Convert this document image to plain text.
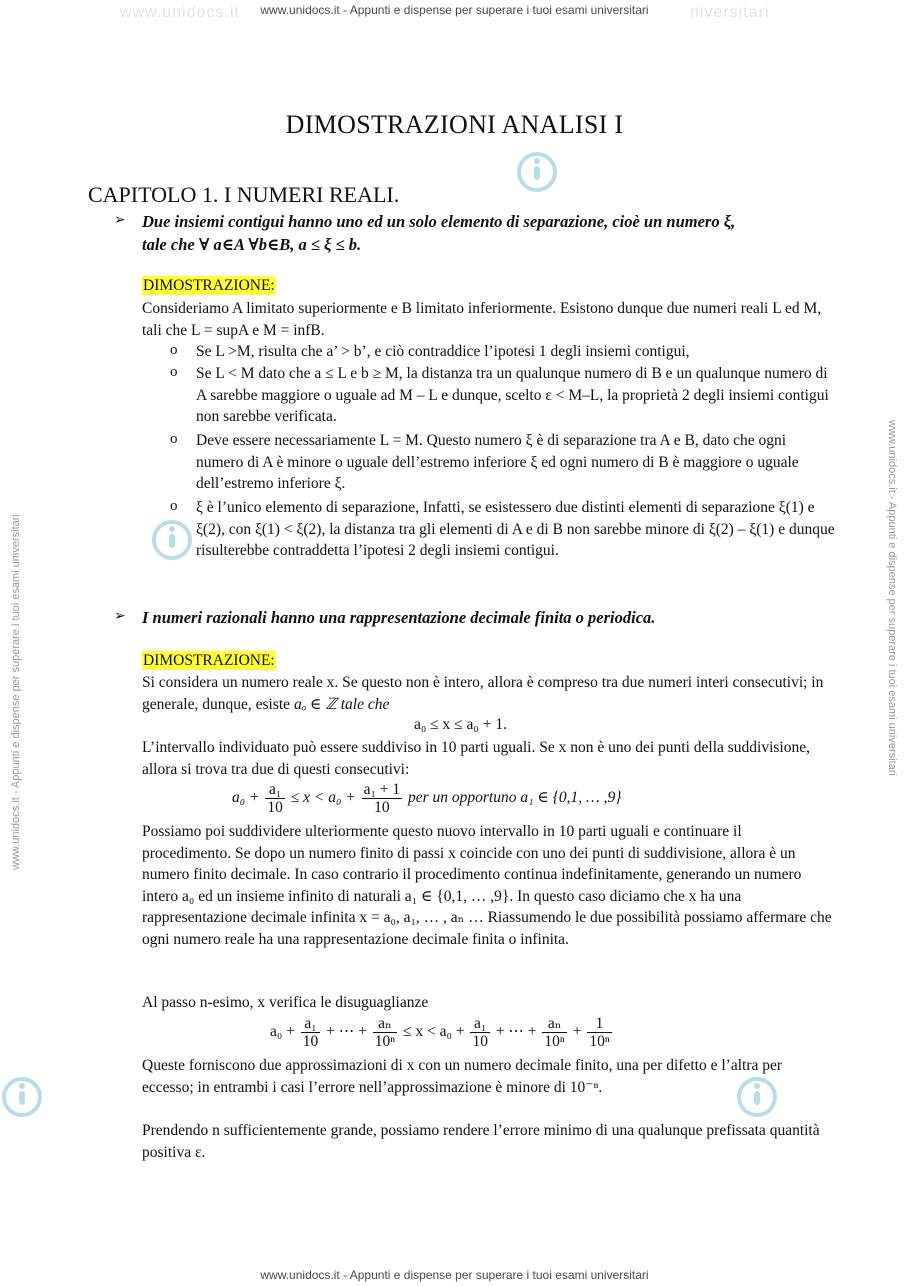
www.unidocs.it - Appunti e dispense per superare i tuoi esami universitari
www.unidocs.it	niversitari
www.unidocs.it - Appunti e dispense per superare i tuoi esami universitari
www.unidocs.it - Appunti e dispense per superare i tuoi esami universitari	www.unidocs.it - Appunti e dispense per superare i tuoi esami universitari
DIMOSTRAZIONI ANALISI I
CAPITOLO 1. I NUMERI REALI.
➢ Due insiemi contigui hanno uno ed un solo elemento di separazione, cioè un numero ξ,
tale che ∀ a∈A ∀b∈B, a ≤ ξ ≤ b.
DIMOSTRAZIONE:
Consideriamo A limitato superiormente e B limitato inferiormente. Esistono dunque due numeri reali L ed M, tali che L = supA e M = infB.
o Se L >M, risulta che a’ > b’, e ciò contraddice l’ipotesi 1 degli insiemi contigui,
o Se L < M dato che a ≤ L e b ≥ M, la distanza tra un qualunque numero di B e un qualunque numero di A sarebbe maggiore o uguale ad M – L e dunque, scelto ε < M–L, la proprietà 2 degli insiemi contigui non sarebbe verificata.
o Deve essere necessariamente L = M. Questo numero ξ è di separazione tra A e B, dato che ogni numero di A è minore o uguale dell’estremo inferiore ξ ed ogni numero di B è maggiore o uguale dell’estremo inferiore ξ.
o ξ è l’unico elemento di separazione, Infatti, se esistessero due distinti elementi di separazione ξ(1) e ξ(2), con ξ(1) < ξ(2), la distanza tra gli elementi di A e di B non sarebbe minore di ξ(2) – ξ(1) e dunque risulterebbe contraddetta l’ipotesi 2 degli insiemi contigui.
➢ I numeri razionali hanno una rappresentazione decimale finita o periodica.
DIMOSTRAZIONE:
Si considera un numero reale x. Se questo non è intero, allora è compreso tra due numeri interi consecutivi; in generale, dunque, esiste aₒ ∈ ℤ tale che
a₀ ≤ x ≤ a₀ + 1.
L’intervallo individuato può essere suddiviso in 10 parti uguali. Se x non è uno dei punti della suddivisione, allora si trova tra due di questi consecutivi:
$a_0 + \frac{\text{a₁}}{10} \le x < a_0 + \frac{\text{a₁ + 1}}{10}$ per un opportuno a₁ ∈ {0,1, … ,9}
Possiamo poi suddividere ulteriormente questo nuovo intervallo in 10 parti uguali e continuare il procedimento. Se dopo un numero finito di passi x coincide con uno dei punti di suddivisione, allora è un numero finito decimale. In caso contrario il procedimento continua indefinitamente, generando un numero intero a₀ ed un insieme infinito di naturali a₁ ∈ {0,1, … ,9}. In questo caso diciamo che x ha una rappresentazione decimale infinita x = a₀, a₁, … , aₙ … Riassumendo le due possibilità possiamo affermare che ogni numero reale ha una rappresentazione decimale finita o infinita.
Al passo n-esimo, x verifica le disuguaglianze
$a_0 + \frac{\text{a₁}}{10}$ + ⋯ + $\frac{\text{aₙ}}{\text{10ⁿ}} \le x < a_0 + \frac{\text{a₁}}{10}$ + ⋯ + $\frac{\text{aₙ}}{\text{10ⁿ}} + \frac{1}{\text{10ⁿ}}$
Queste forniscono due approssimazioni di x con un numero decimale finito, una per difetto e l’altra per eccesso; in entrambi i casi l’errore nell’approssimazione è minore di 10⁻ⁿ.
Prendendo n sufficientemente grande, possiamo rendere l’errore minimo di una qualunque prefissata quantità positiva ε.
